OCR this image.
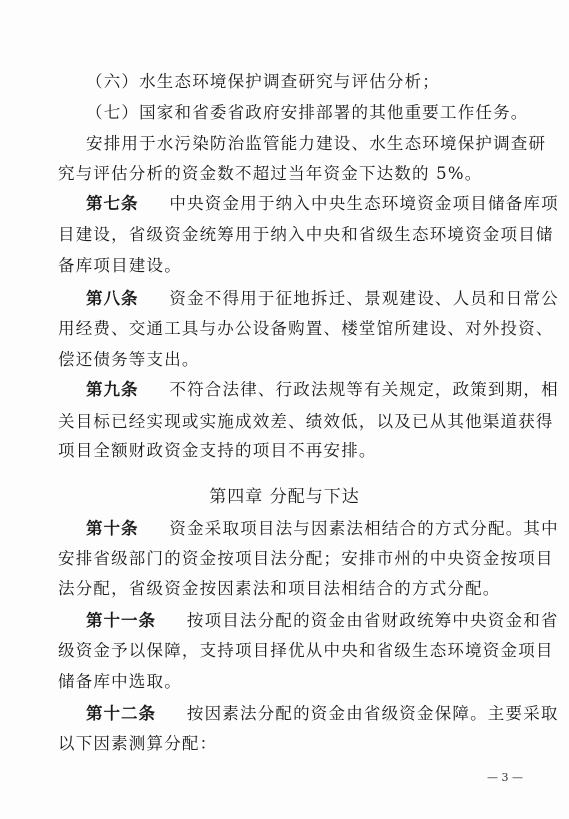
（六）水生态环境保护调查研究与评估分析；
（七）国家和省委省政府安排部署的其他重要工作任务。
安排用于水污染防治监管能力建设、水生态环境保护调查研
究与评估分析的资金数不超过当年资金下达数的 5%。
第七条 中央资金用于纳入中央生态环境资金项目储备库项
目建设，省级资金统筹用于纳入中央和省级生态环境资金项目储
备库项目建设。
第八条 资金不得用于征地拆迁、景观建设、人员和日常公
用经费、交通工具与办公设备购置、楼堂馆所建设、对外投资、
偿还债务等支出。
第九条 不符合法律、行政法规等有关规定，政策到期，相
关目标已经实现或实施成效差、绩效低，以及已从其他渠道获得
项目全额财政资金支持的项目不再安排。
第四章 分配与下达
第十条 资金采取项目法与因素法相结合的方式分配。其中
安排省级部门的资金按项目法分配；安排市州的中央资金按项目
法分配，省级资金按因素法和项目法相结合的方式分配。
第十一条 按项目法分配的资金由省财政统筹中央资金和省
级资金予以保障，支持项目择优从中央和省级生态环境资金项目
储备库中选取。
第十二条 按因素法分配的资金由省级资金保障。主要采取
以下因素测算分配：
— 3 —
